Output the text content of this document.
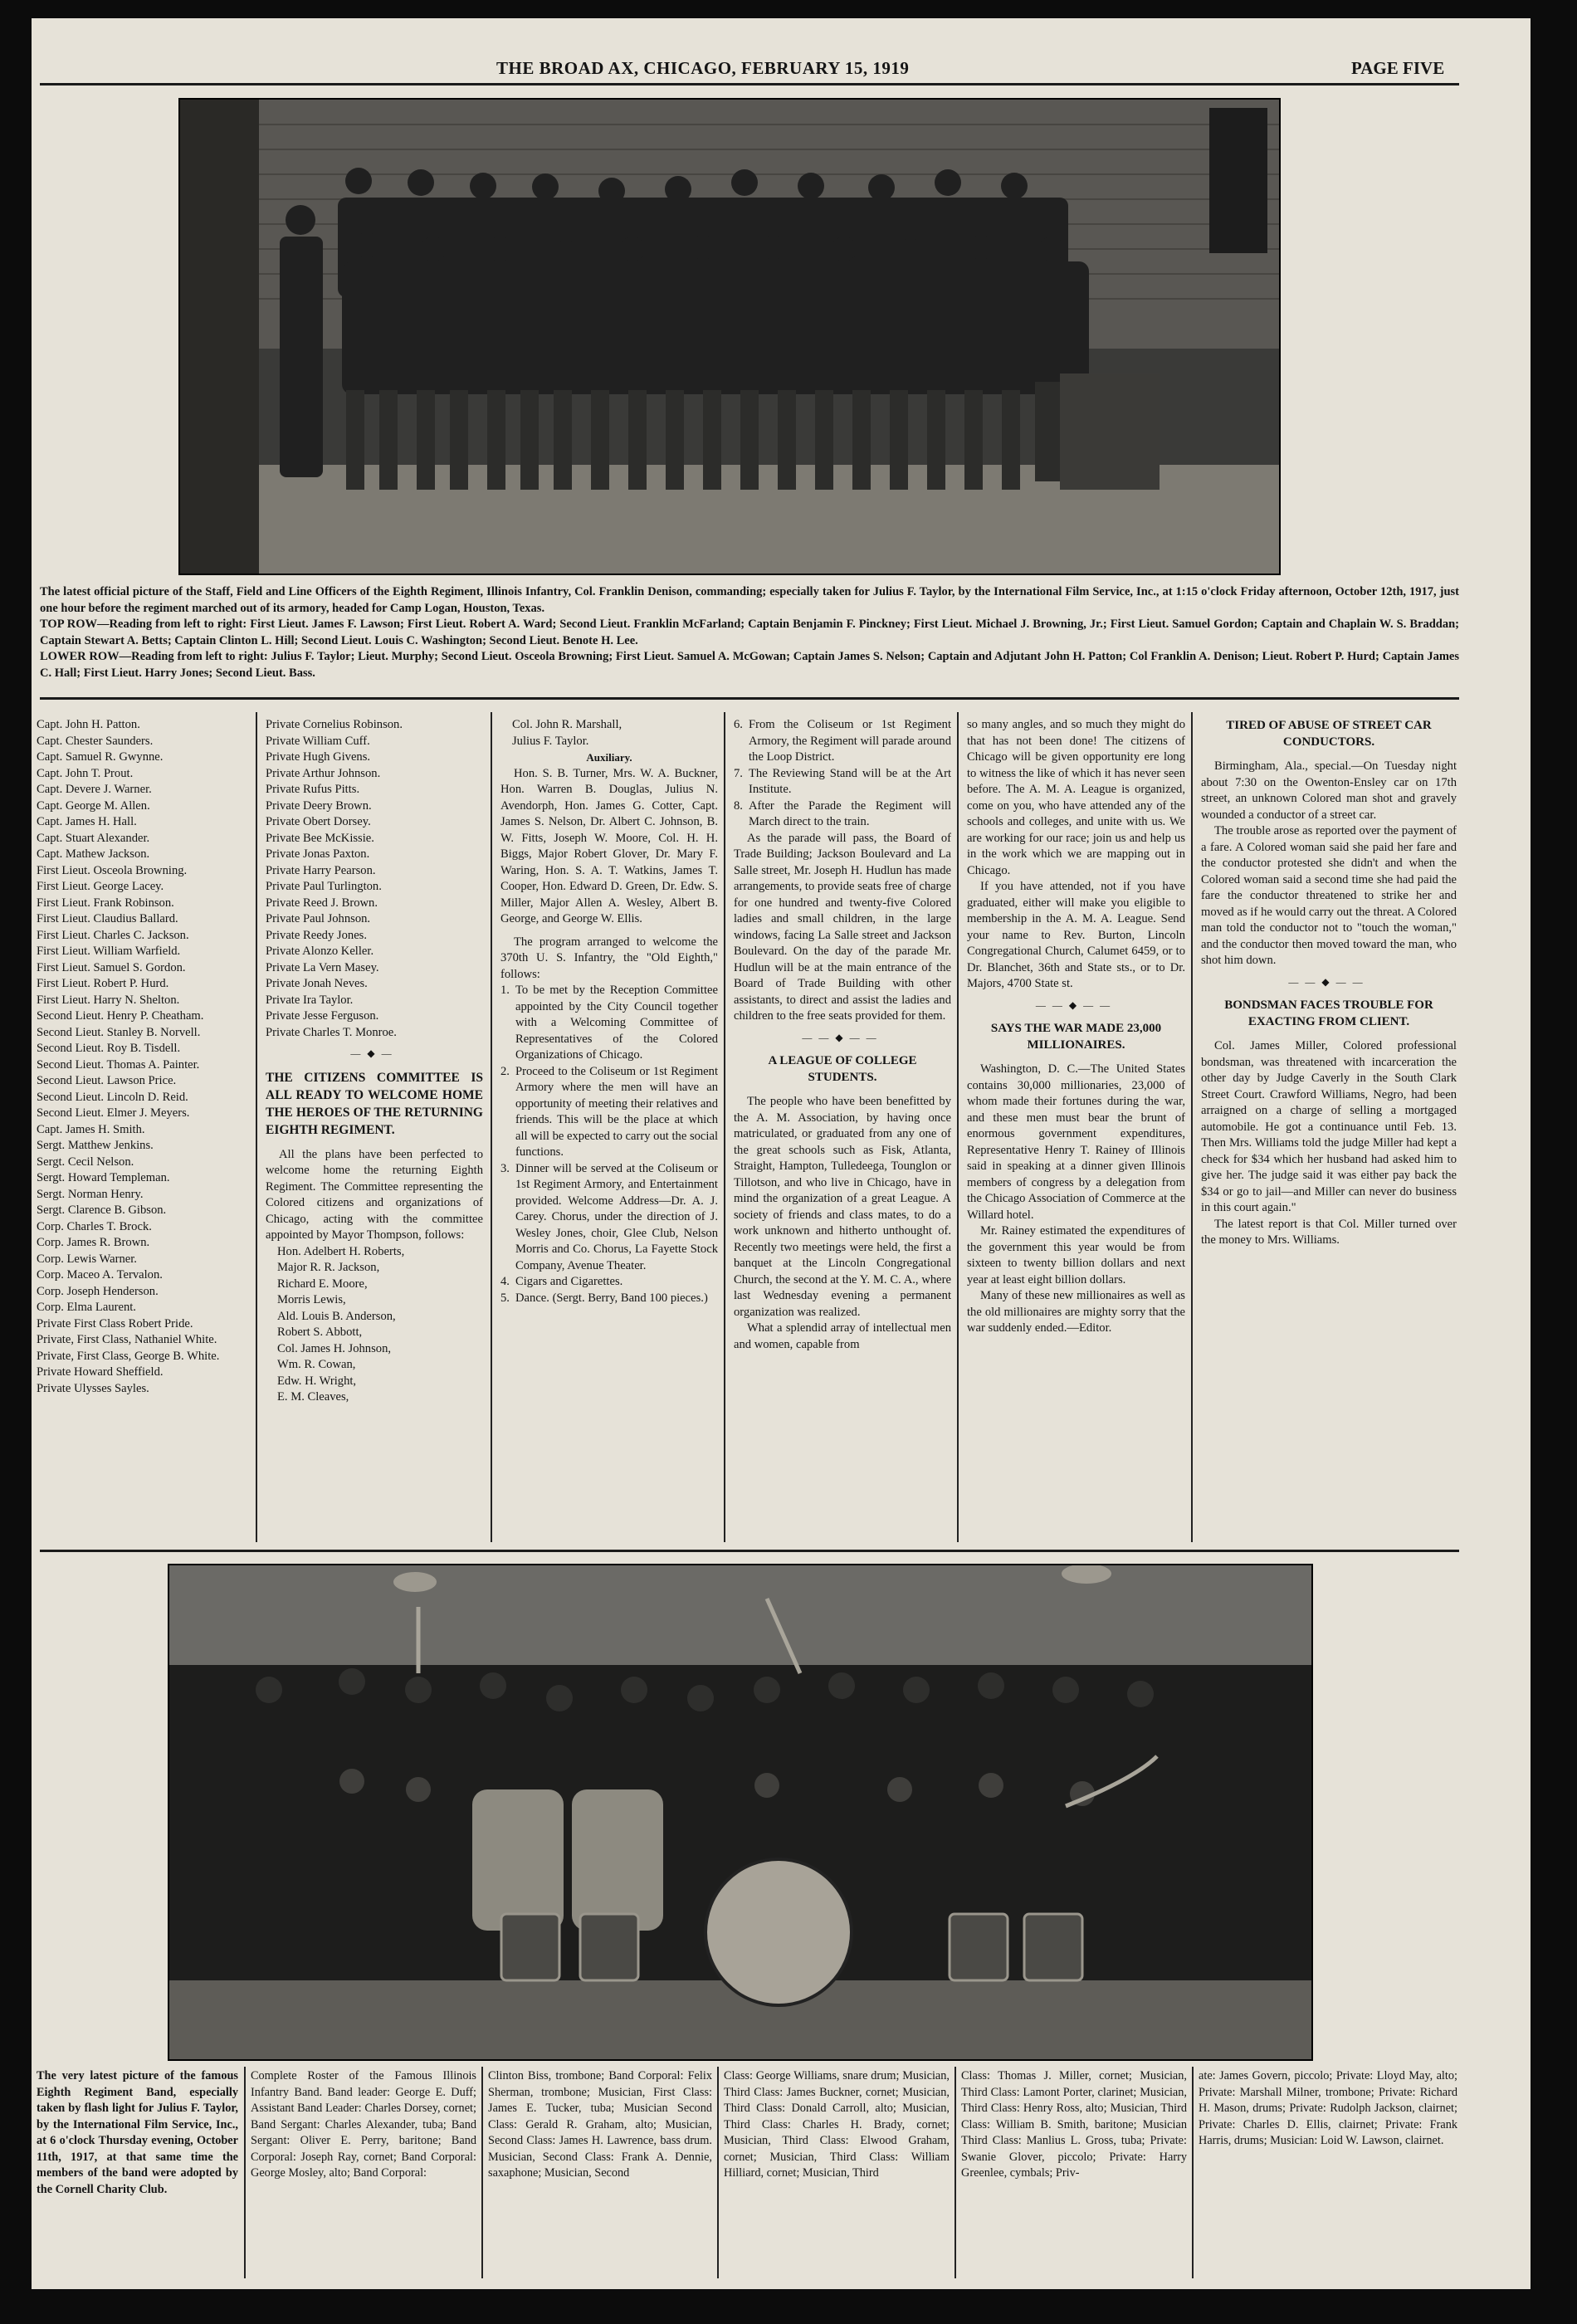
THE BROAD AX, CHICAGO, FEBRUARY 15, 1919	PAGE FIVE

The latest official picture of the Staff, Field and Line Officers of the Eighth Regiment, Illinois Infantry, Col. Franklin Denison, commanding; especially taken for Julius F. Taylor, by the International Film Service, Inc., at 1:15 o'clock Friday afternoon, October 12th, 1917, just one hour before the regiment marched out of its armory, headed for Camp Logan, Houston, Texas.

TOP ROW—Reading from left to right: First Lieut. James F. Lawson; First Lieut. Robert A. Ward; Second Lieut. Franklin McFarland; Captain Benjamin F. Pinckney; First Lieut. Michael J. Browning, Jr.; First Lieut. Samuel Gordon; Captain and Chaplain W. S. Braddan; Captain Stewart A. Betts; Captain Clinton L. Hill; Second Lieut. Louis C. Washington; Second Lieut. Benote H. Lee.

LOWER ROW—Reading from left to right: Julius F. Taylor; Lieut. Murphy; Second Lieut. Osceola Browning; First Lieut. Samuel A. McGowan; Captain James S. Nelson; Captain and Adjutant John H. Patton; Col Franklin A. Denison; Lieut. Robert P. Hurd; Captain James C. Hall; First Lieut. Harry Jones; Second Lieut. Bass.

Capt. John H. Patton.
Capt. Chester Saunders.
Capt. Samuel R. Gwynne.
Capt. John T. Prout.
Capt. Devere J. Warner.
Capt. George M. Allen.
Capt. James H. Hall.
Capt. Stuart Alexander.
Capt. Mathew Jackson.
First Lieut. Osceola Browning.
First Lieut. George Lacey.
First Lieut. Frank Robinson.
First Lieut. Claudius Ballard.
First Lieut. Charles C. Jackson.
First Lieut. William Warfield.
First Lieut. Samuel S. Gordon.
First Lieut. Robert P. Hurd.
First Lieut. Harry N. Shelton.
Second Lieut. Henry P. Cheatham.
Second Lieut. Stanley B. Norvell.
Second Lieut. Roy B. Tisdell.
Second Lieut. Thomas A. Painter.
Second Lieut. Lawson Price.
Second Lieut. Lincoln D. Reid.
Second Lieut. Elmer J. Meyers.
Capt. James H. Smith.
Sergt. Matthew Jenkins.
Sergt. Cecil Nelson.
Sergt. Howard Templeman.
Sergt. Norman Henry.
Sergt. Clarence B. Gibson.
Corp. Charles T. Brock.
Corp. James R. Brown.
Corp. Lewis Warner.
Corp. Maceo A. Tervalon.
Corp. Joseph Henderson.
Corp. Elma Laurent.
Private First Class Robert Pride.
Private, First Class, Nathaniel White.
Private, First Class, George B. White.
Private Howard Sheffield.
Private Ulysses Sayles.
Private Cornelius Robinson.
Private William Cuff.
Private Hugh Givens.
Private Arthur Johnson.
Private Rufus Pitts.
Private Deery Brown.
Private Obert Dorsey.
Private Bee McKissie.
Private Jonas Paxton.
Private Harry Pearson.
Private Paul Turlington.
Private Reed J. Brown.
Private Paul Johnson.
Private Reedy Jones.
Private Alonzo Keller.
Private La Vern Masey.
Private Jonah Neves.
Private Ira Taylor.
Private Jesse Ferguson.
Private Charles T. Monroe.
—◆—
THE CITIZENS COMMITTEE IS ALL READY TO WELCOME HOME THE HEROES OF THE RETURNING EIGHTH REGIMENT.

All the plans have been perfected to welcome home the returning Eighth Regiment. The Committee representing the Colored citizens and organizations of Chicago, acting with the committee appointed by Mayor Thompson, follows:

Hon. Adelbert H. Roberts,
Major R. R. Jackson,
Richard E. Moore,
Morris Lewis,
Ald. Louis B. Anderson,
Robert S. Abbott,
Col. James H. Johnson,
Wm. R. Cowan,
Edw. H. Wright,
E. M. Cleaves,
Col. John R. Marshall,
Julius F. Taylor.
Auxiliary.

Hon. S. B. Turner, Mrs. W. A. Buckner, Hon. Warren B. Douglas, Julius N. Avendorph, Hon. James G. Cotter, Capt. James S. Nelson, Dr. Albert C. Johnson, B. W. Fitts, Joseph W. Moore, Col. H. H. Biggs, Major Robert Glover, Dr. Mary F. Waring, Hon. S. A. T. Watkins, James T. Cooper, Hon. Edward D. Green, Dr. Edw. S. Miller, Major Allen A. Wesley, Albert B. George, and George W. Ellis.

The program arranged to welcome the 370th U. S. Infantry, the "Old Eighth," follows:

1. To be met by the Reception Committee appointed by the City Council together with a Welcoming Committee of Representatives of the Colored Organizations of Chicago.

2. Proceed to the Coliseum or 1st Regiment Armory where the men will have an opportunity of meeting their relatives and friends. This will be the place at which all will be expected to carry out the social functions.

3. Dinner will be served at the Coliseum or 1st Regiment Armory, and Entertainment provided. Welcome Address—Dr. A. J. Carey. Chorus, under the direction of J. Wesley Jones, choir, Glee Club, Nelson Morris and Co. Chorus, La Fayette Stock Company, Avenue Theater.

4. Cigars and Cigarettes.

5. Dance. (Sergt. Berry, Band 100 pieces.)

6. From the Coliseum or 1st Regiment Armory, the Regiment will parade around the Loop District.

7. The Reviewing Stand will be at the Art Institute.

8. After the Parade the Regiment will March direct to the train.

As the parade will pass, the Board of Trade Building; Jackson Boulevard and La Salle street, Mr. Joseph H. Hudlun has made arrangements, to provide seats free of charge for one hundred and twenty-five Colored ladies and small children, in the large windows, facing La Salle street and Jackson Boulevard. On the day of the parade Mr. Hudlun will be at the main entrance of the Board of Trade Building with other assistants, to direct and assist the ladies and children to the free seats provided for them.

——◆——
A LEAGUE OF COLLEGE STUDENTS.

The people who have been benefitted by the A. M. Association, by having once matriculated, or graduated from any one of the great schools such as Fisk, Atlanta, Straight, Hampton, Tulledeega, Tounglon or Tillotson, and who live in Chicago, have in mind the organization of a great League. A society of friends and class mates, to do a work unknown and hitherto unthought of. Recently two meetings were held, the first a banquet at the Lincoln Congregational Church, the second at the Y. M. C. A., where last Wednesday evening a permanent organization was realized.

What a splendid array of intellectual men and women, capable from

so many angles, and so much they might do that has not been done! The citizens of Chicago will be given opportunity ere long to witness the like of which it has never seen before. The A. M. A. League is organized, come on you, who have attended any of the schools and colleges, and unite with us. We are working for our race; join us and help us in the work which we are mapping out in Chicago.

If you have attended, not if you have graduated, either will make you eligible to membership in the A. M. A. League. Send your name to Rev. Burton, Lincoln Congregational Church, Calumet 6459, or to Dr. Blanchet, 36th and State sts., or to Dr. Majors, 4700 State st.

——◆——
SAYS THE WAR MADE 23,000 MILLIONAIRES.

Washington, D. C.—The United States contains 30,000 millionaries, 23,000 of whom made their fortunes during the war, and these men must bear the brunt of enormous government expenditures, Representative Henry T. Rainey of Illinois said in speaking at a dinner given Illinois members of congress by a delegation from the Chicago Association of Commerce at the Willard hotel.

Mr. Rainey estimated the expenditures of the government this year would be from sixteen to twenty billion dollars and next year at least eight billion dollars.

Many of these new millionaires as well as the old millionaires are mighty sorry that the war suddenly ended.—Editor.

TIRED OF ABUSE OF STREET CAR CONDUCTORS.

Birmingham, Ala., special.—On Tuesday night about 7:30 on the Owenton-Ensley car on 17th street, an unknown Colored man shot and gravely wounded a conductor of a street car.

The trouble arose as reported over the payment of a fare. A Colored woman said she paid her fare and the conductor protested she didn't and when the Colored woman said a second time she had paid the fare the conductor threatened to strike her and moved as if he would carry out the threat. A Colored man told the conductor not to "touch the woman," and the conductor then moved toward the man, who shot him down.

——◆——
BONDSMAN FACES TROUBLE FOR EXACTING FROM CLIENT.

Col. James Miller, Colored professional bondsman, was threatened with incarceration the other day by Judge Caverly in the South Clark Street Court. Crawford Williams, Negro, had been arraigned on a charge of selling a mortgaged automobile. He got a continuance until Feb. 13. Then Mrs. Williams told the judge Miller had kept a check for $34 which her husband had asked him to give her. The judge said it was either pay back the $34 or go to jail—and Miller can never do business in this court again."

The latest report is that Col. Miller turned over the money to Mrs. Williams.

The very latest picture of the famous Eighth Regiment Band, especially taken by flash light for Julius F. Taylor, by the International Film Service, Inc., at 6 o'clock Thursday evening, October 11th, 1917, at that same time the members of the band were adopted by the Cornell Charity Club.

Complete Roster of the Famous Illinois Infantry Band. Band leader: George E. Duff; Assistant Band Leader: Charles Dorsey, cornet; Band Sergant: Charles Alexander, tuba; Band Sergant: Oliver E. Perry, baritone; Band Corporal: Joseph Ray, cornet; Band Corporal: George Mosley, alto; Band Corporal:

Clinton Biss, trombone; Band Corporal: Felix Sherman, trombone; Musician, First Class: James E. Tucker, tuba; Musician Second Class: Gerald R. Graham, alto; Musician, Second Class: James H. Lawrence, bass drum. Musician, Second Class: Frank A. Dennie, saxaphone; Musician, Second

Class: George Williams, snare drum; Musician, Third Class: James Buckner, cornet; Musician, Third Class: Donald Carroll, alto; Musician, Third Class: Charles H. Brady, cornet; Musician, Third Class: Elwood Graham, cornet; Musician, Third Class: William Hilliard, cornet; Musician, Third

Class: Thomas J. Miller, cornet; Musician, Third Class: Lamont Porter, clarinet; Musician, Third Class: Henry Ross, alto; Musician, Third Class: William B. Smith, baritone; Musician Third Class: Manlius L. Gross, tuba; Private: Swanie Glover, piccolo; Private: Harry Greenlee, cymbals; Priv-

ate: James Govern, piccolo; Private: Lloyd May, alto; Private: Marshall Milner, trombone; Private: Richard H. Mason, drums; Private: Rudolph Jackson, clairnet; Private: Charles D. Ellis, clairnet; Private: Frank Harris, drums; Musician: Loid W. Lawson, clairnet.
